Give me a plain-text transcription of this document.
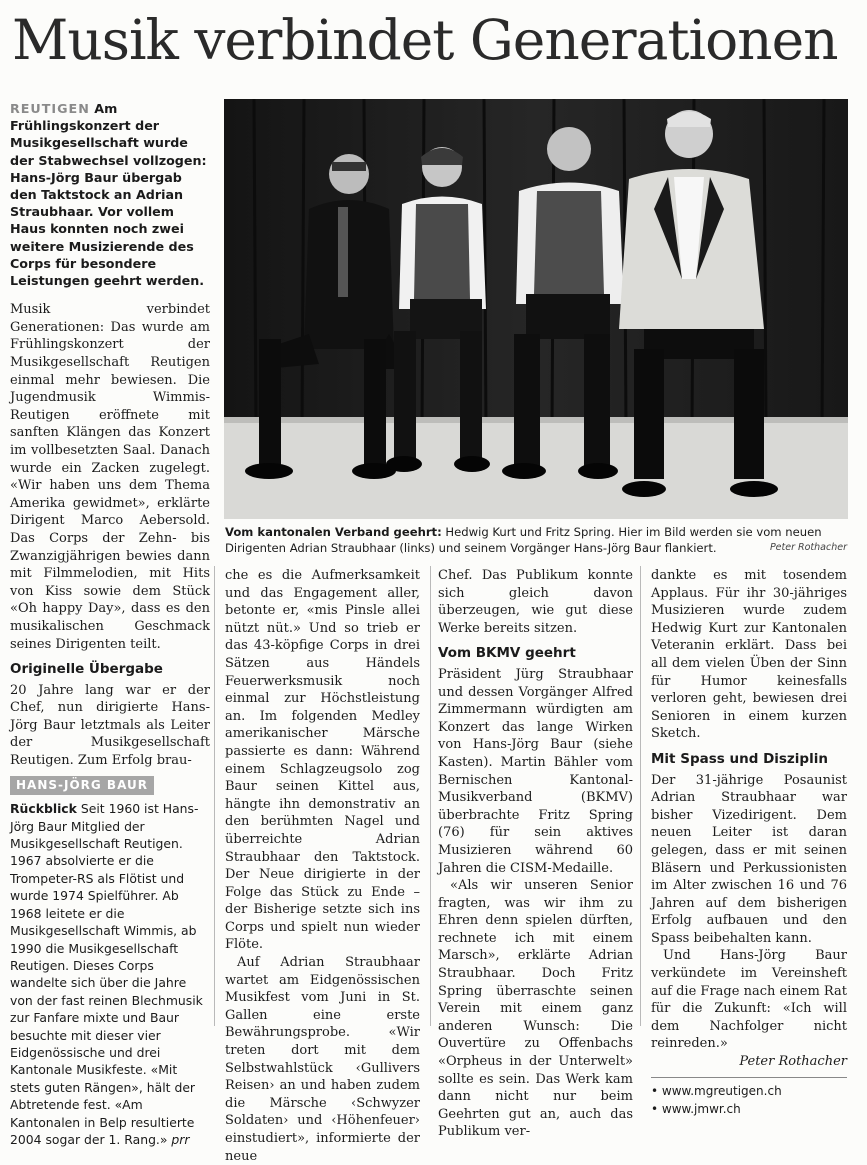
Musik verbindet Generationen

REUTIGEN Am Frühlingskonzert der Musikgesellschaft wurde der Stabwechsel vollzogen: Hans-Jörg Baur übergab den Taktstock an Adrian Straubhaar. Vor vollem Haus konnten noch zwei weitere Musizierende des Corps für besondere Leistungen geehrt werden.

Musik verbindet Generationen: Das wurde am Frühlingskonzert der Musikgesellschaft Reutigen einmal mehr bewiesen. Die Jugendmusik Wimmis-Reutigen eröffnete mit sanften Klängen das Konzert im vollbesetzten Saal. Danach wurde ein Zacken zugelegt. «Wir haben uns dem Thema Amerika gewidmet», erklärte Dirigent Marco Aebersold. Das Corps der Zehn- bis Zwanzigjährigen bewies dann mit Filmmelodien, mit Hits von Kiss sowie dem Stück «Oh happy Day», dass es den musikalischen Geschmack seines Dirigenten teilt.

Originelle Übergabe

20 Jahre lang war er der Chef, nun dirigierte Hans-Jörg Baur letztmals als Leiter der Musikgesellschaft Reutigen. Zum Erfolg brau-

HANS-JÖRG BAUR

Rückblick Seit 1960 ist Hans-Jörg Baur Mitglied der Musikgesellschaft Reutigen. 1967 absolvierte er die Trompeter-RS als Flötist und wurde 1974 Spielführer. Ab 1968 leitete er die Musikgesellschaft Wimmis, ab 1990 die Musikgesellschaft Reutigen. Dieses Corps wandelte sich über die Jahre von der fast reinen Blechmusik zur Fanfare mixte und Baur besuchte mit dieser vier Eidgenössische und drei Kantonale Musikfeste. «Mit stets guten Rängen», hält der Abtretende fest. «Am Kantonalen in Belp resultierte 2004 sogar der 1. Rang.» prr

Vom kantonalen Verband geehrt: Hedwig Kurt und Fritz Spring. Hier im Bild werden sie vom neuen Dirigenten Adrian Straubhaar (links) und seinem Vorgänger Hans-Jörg Baur flankiert.	Peter Rothacher

che es die Aufmerksamkeit und das Engagement aller, betonte er, «mis Pinsle allei nützt nüt.» Und so trieb er das 43-köpfige Corps in drei Sätzen aus Händels Feuerwerksmusik noch einmal zur Höchstleistung an. Im folgenden Medley amerikanischer Märsche passierte es dann: Während einem Schlagzeugsolo zog Baur seinen Kittel aus, hängte ihn demonstrativ an den berühmten Nagel und überreichte Adrian Straubhaar den Taktstock. Der Neue dirigierte in der Folge das Stück zu Ende – der Bisherige setzte sich ins Corps und spielt nun wieder Flöte.

Auf Adrian Straubhaar wartet am Eidgenössischen Musikfest vom Juni in St. Gallen eine erste Bewährungsprobe. «Wir treten dort mit dem Selbstwahlstück ‹Gullivers Reisen› an und haben zudem die Märsche ‹Schwyzer Soldaten› und ‹Höhenfeuer› einstudiert», informierte der neue

Chef. Das Publikum konnte sich gleich davon überzeugen, wie gut diese Werke bereits sitzen.

Vom BKMV geehrt

Präsident Jürg Straubhaar und dessen Vorgänger Alfred Zimmermann würdigten am Konzert das lange Wirken von Hans-Jörg Baur (siehe Kasten). Martin Bähler vom Bernischen Kantonal-Musikverband (BKMV) überbrachte Fritz Spring (76) für sein aktives Musizieren während 60 Jahren die CISM-Medaille.

«Als wir unseren Senior fragten, was wir ihm zu Ehren denn spielen dürften, rechnete ich mit einem Marsch», erklärte Adrian Straubhaar. Doch Fritz Spring überraschte seinen Verein mit einem ganz anderen Wunsch: Die Ouvertüre zu Offenbachs «Orpheus in der Unterwelt» sollte es sein. Das Werk kam dann nicht nur beim Geehrten gut an, auch das Publikum ver-

dankte es mit tosendem Applaus. Für ihr 30-jähriges Musizieren wurde zudem Hedwig Kurt zur Kantonalen Veteranin erklärt. Dass bei all dem vielen Üben der Sinn für Humor keinesfalls verloren geht, bewiesen drei Senioren in einem kurzen Sketch.

Mit Spass und Disziplin

Der 31-jährige Posaunist Adrian Straubhaar war bisher Vizedirigent. Dem neuen Leiter ist daran gelegen, dass er mit seinen Bläsern und Perkussionisten im Alter zwischen 16 und 76 Jahren auf dem bisherigen Erfolg aufbauen und den Spass beibehalten kann.

Und Hans-Jörg Baur verkündete im Vereinsheft auf die Frage nach einem Rat für die Zukunft: «Ich will dem Nachfolger nicht reinreden.»
Peter Rothacher

• www.mgreutigen.ch
• www.jmwr.ch
